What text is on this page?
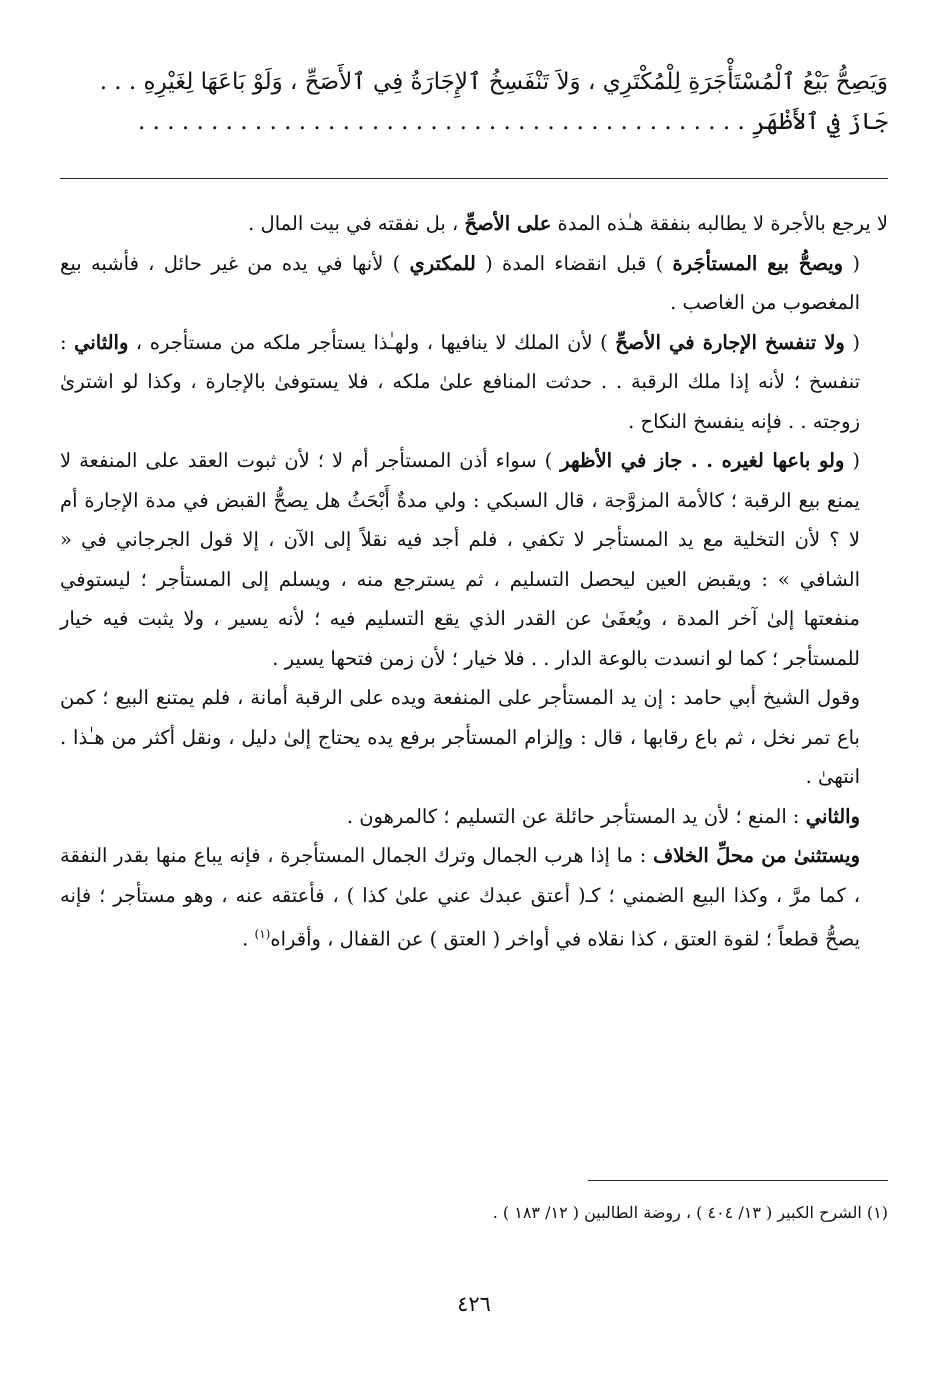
وَيَصِحُّ بَيْعُ ٱلْمُسْتَأْجَرَةِ لِلْمُكْتَرِي ، وَلاَ تَنْفَسِخُ ٱلإِجَارَةُ فِي ٱلأَصَحِّ ، وَلَوْ بَاعَهَا لِغَيْرِهِ . . .

جَازَ فِي ٱلأَظْهَرِ . . . . . . . . . . . . . . . . . . . . . . . . . . . . . . . . . . . . . . . . . .

لا يرجع بالأجرة لا يطالبه بنفقة هـٰذه المدة على الأصحِّ ، بل نفقته في بيت المال .

( ويصحُّ بيع المستأجَرة ) قبل انقضاء المدة ( للمكتري ) لأنها في يده من غير حائل ، فأشبه بيع المغصوب من الغاصب .

( ولا تنفسخ الإجارة في الأصحِّ ) لأن الملك لا ينافيها ، ولهـٰذا يستأجر ملكه من مستأجره ، والثاني : تنفسخ ؛ لأنه إذا ملك الرقبة . . حدثت المنافع علىٰ ملكه ، فلا يستوفىٰ بالإجارة ، وكذا لو اشترىٰ زوجته . . فإنه ينفسخ النكاح .

( ولو باعها لغيره . . جاز في الأظهر ) سواء أذن المستأجر أم لا ؛ لأن ثبوت العقد على المنفعة لا يمنع بيع الرقبة ؛ كالأمة المزوَّجة ، قال السبكي : ولي مدةٌ أَبْحَثُ هل يصحُّ القبض في مدة الإجارة أم لا ؟ لأن التخلية مع يد المستأجر لا تكفي ، فلم أجد فيه نقلاً إلى الآن ، إلا قول الجرجاني في « الشافي » : ويقبض العين ليحصل التسليم ، ثم يسترجع منه ، ويسلم إلى المستأجر ؛ ليستوفي منفعتها إلىٰ آخر المدة ، ويُعفَىٰ عن القدر الذي يقع التسليم فيه ؛ لأنه يسير ، ولا يثبت فيه خيار للمستأجر ؛ كما لو انسدت بالوعة الدار . . فلا خيار ؛ لأن زمن فتحها يسير .

وقول الشيخ أبي حامد : إن يد المستأجر على المنفعة ويده على الرقبة أمانة ، فلم يمتنع البيع ؛ كمن باع تمر نخل ، ثم باع رقابها ، قال : وإلزام المستأجر برفع يده يحتاج إلىٰ دليل ، ونقل أكثر من هـٰذا . انتهىٰ .

والثاني : المنع ؛ لأن يد المستأجر حائلة عن التسليم ؛ كالمرهون .

ويستثنىٰ من محلِّ الخلاف : ما إذا هرب الجمال وترك الجمال المستأجرة ، فإنه يباع منها بقدر النفقة ، كما مرَّ ، وكذا البيع الضمني ؛ كـ( أعتق عبدك عني علىٰ كذا ) ، فأعتقه عنه ، وهو مستأجر ؛ فإنه يصحُّ قطعاً ؛ لقوة العتق ، كذا نقلاه في أواخر ( العتق ) عن القفال ، وأقراه$^{(١)}$ .

(١) الشرح الكبير ( ١٣/ ٤٠٤ ) ، روضة الطالبين ( ١٢/ ١٨٣ ) .
٤٢٦
